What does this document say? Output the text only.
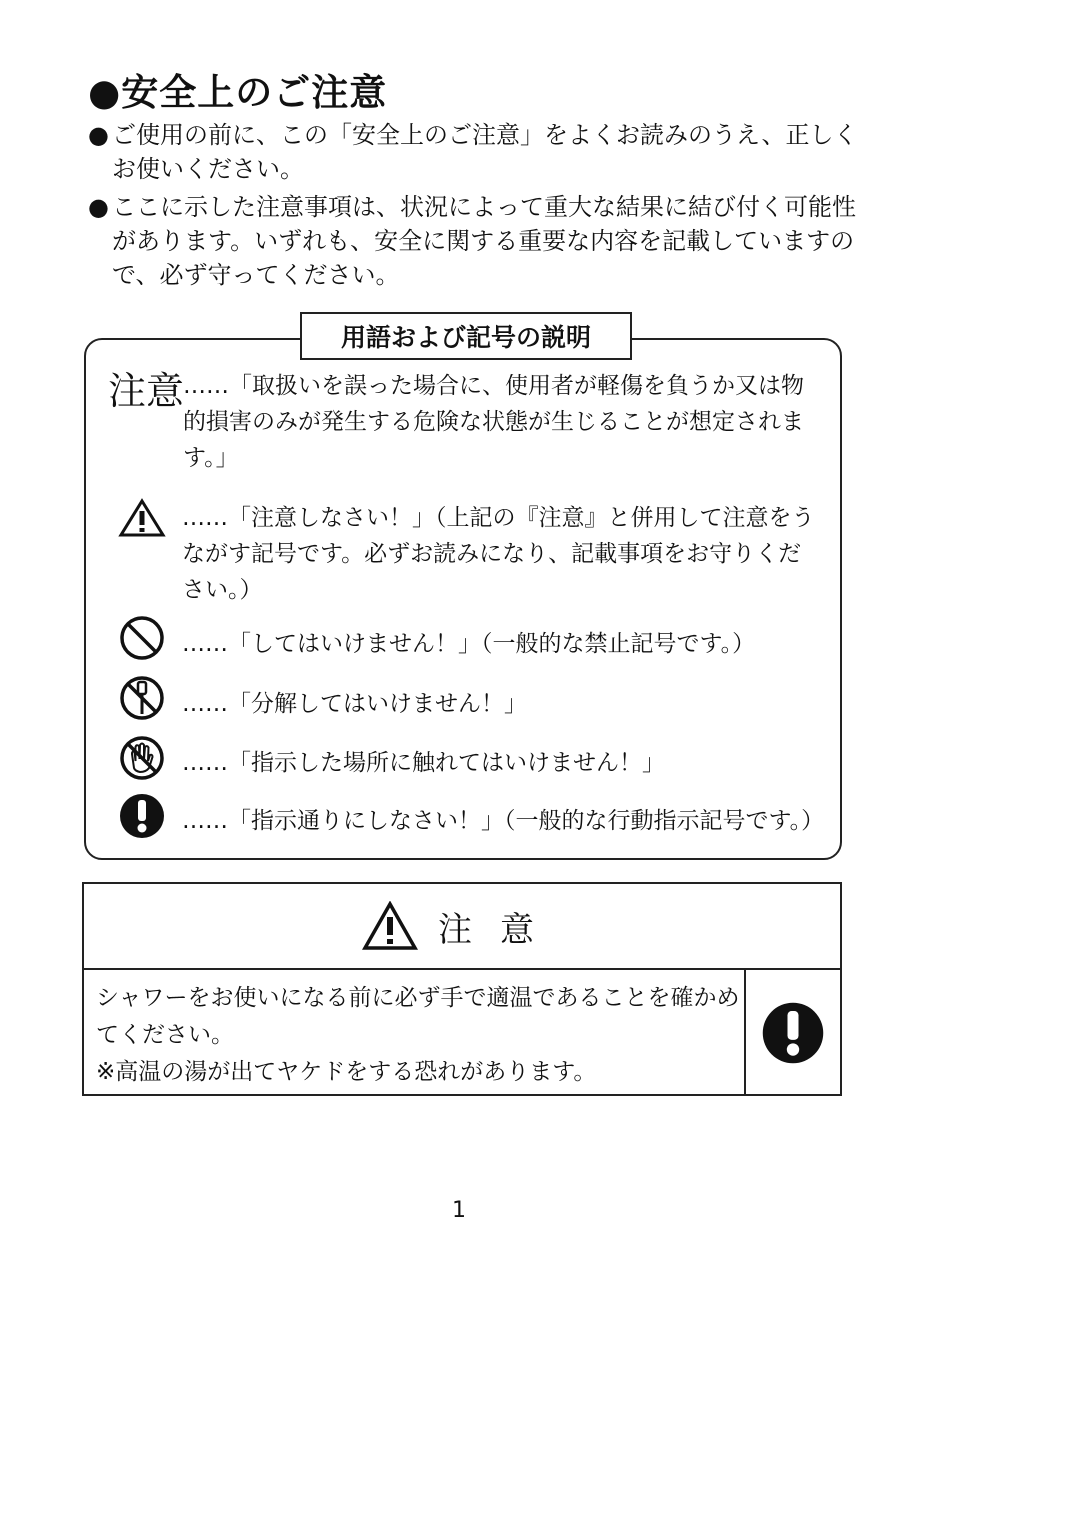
●安全上のご注意
● ご使用の前に、この「安全上のご注意」をよくお読みのうえ、正しくお使いください。
● ここに示した注意事項は、状況によって重大な結果に結び付く可能性があります。いずれも、安全に関する重要な内容を記載していますので、必ず守ってください。
用語および記号の説明
注意
……「取扱いを誤った場合に、使用者が軽傷を負うか又は物的損害のみが発生する危険な状態が生じることが想定されます。」
……「注意しなさい！」（上記の『注意』と併用して注意をうながす記号です。必ずお読みになり、記載事項をお守りください。）
……「してはいけません！」（一般的な禁止記号です。）
……「分解してはいけません！」
……「指示した場所に触れてはいけません！」
……「指示通りにしなさい！」（一般的な行動指示記号です。）
注意

シャワーをお使いになる前に必ず手で適温であることを確かめてください。

※高温の湯が出てヤケドをする恐れがあります。

1
